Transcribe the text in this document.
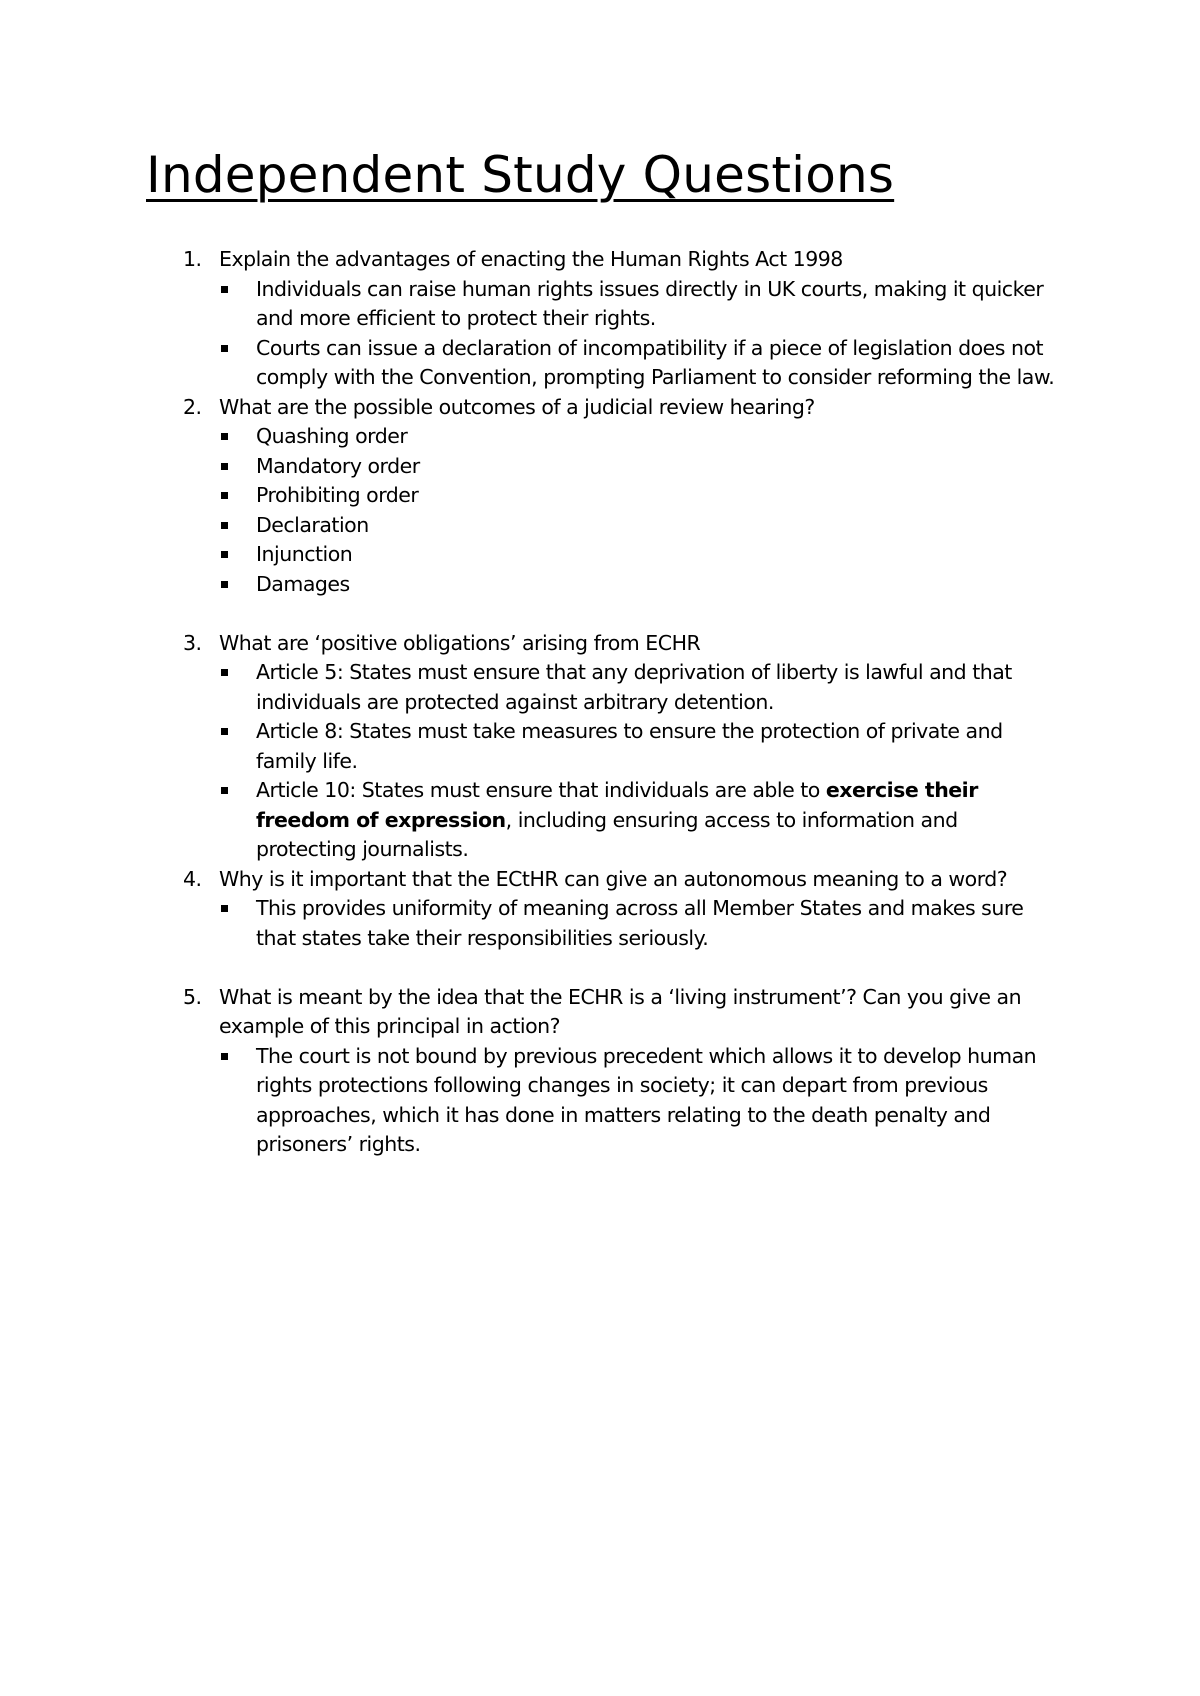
Independent Study Questions
1. Explain the advantages of enacting the Human Rights Act 1998
Individuals can raise human rights issues directly in UK courts, making it quicker and more efficient to protect their rights.
Courts can issue a declaration of incompatibility if a piece of legislation does not comply with the Convention, prompting Parliament to consider reforming the law.
2. What are the possible outcomes of a judicial review hearing?
Quashing order
Mandatory order
Prohibiting order
Declaration
Injunction
Damages
3. What are ‘positive obligations’ arising from ECHR
Article 5: States must ensure that any deprivation of liberty is lawful and that individuals are protected against arbitrary detention.
Article 8: States must take measures to ensure the protection of private and family life.
Article 10: States must ensure that individuals are able to exercise their freedom of expression, including ensuring access to information and protecting journalists.
4. Why is it important that the ECtHR can give an autonomous meaning to a word?
This provides uniformity of meaning across all Member States and makes sure that states take their responsibilities seriously.
5. What is meant by the idea that the ECHR is a ‘living instrument’? Can you give an example of this principal in action?
The court is not bound by previous precedent which allows it to develop human rights protections following changes in society; it can depart from previous approaches, which it has done in matters relating to the death penalty and prisoners’ rights.
